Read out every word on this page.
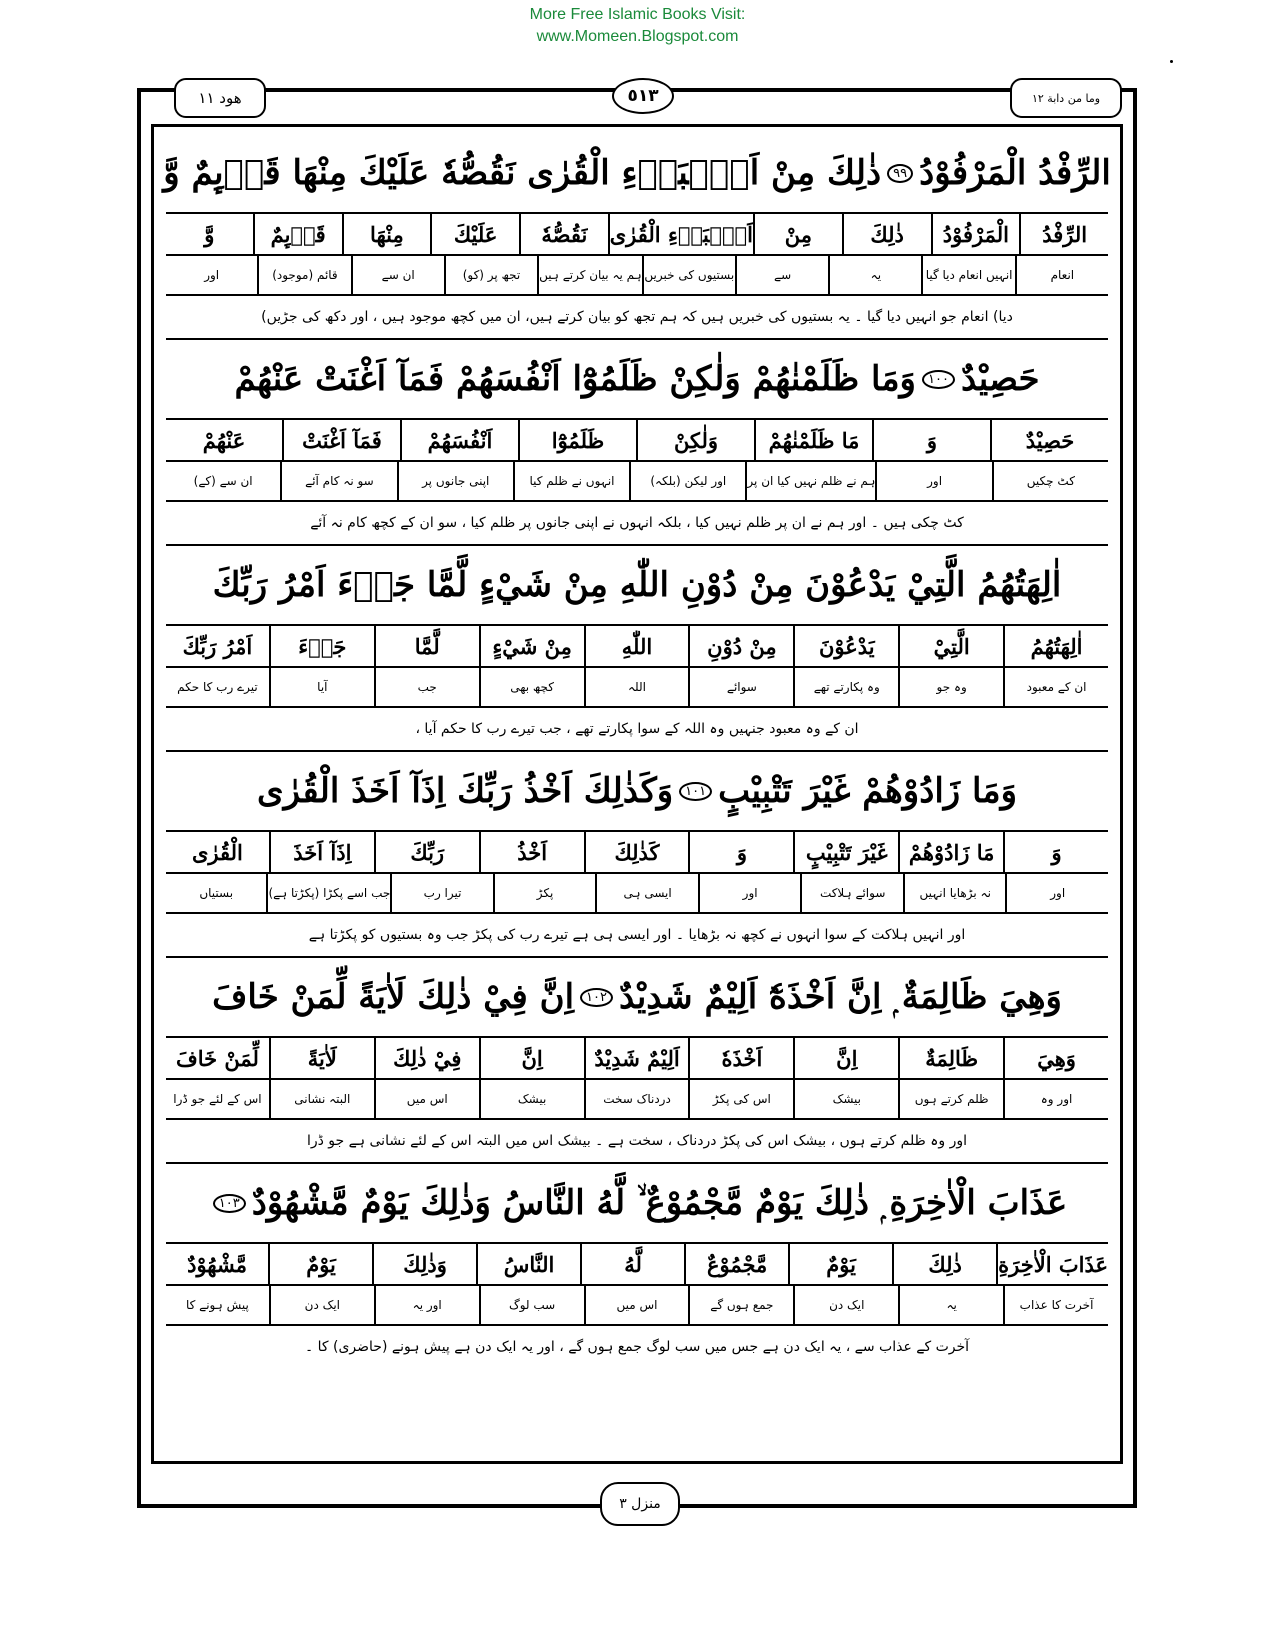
More Free Islamic Books Visit:
www.Momeen.Blogspot.com
هود ١١	٥١٣	وما من دابة ١٢
منزل ٣
الرِّفْدُ الْمَرْفُوْدُ
٩٩
ذٰلِكَ مِنْ اَنْۢبَاۗءِ الْقُرٰى نَقُصُّهٗ عَلَيْكَ مِنْهَا قَاۗىِٕمٌ وَّ
الرِّفْدُ
الْمَرْفُوْدُ
ذٰلِكَ
مِنْ
اَنْۢبَاۗءِ الْقُرٰى
نَقُصُّهٗ
عَلَيْكَ
مِنْهَا
قَاۗىِٕمٌ
وَّ
انعام
انہیں انعام دیا گیا
یہ
سے
بستیوں کی خبریں
ہم یہ بیان کرتے ہیں
تجھ پر (کو)
ان سے
قائم (موجود)
اور
دیا) انعام جو انہیں دیا گیا ۔ یہ بستیوں کی خبریں ہیں کہ ہم تجھ کو بیان کرتے ہیں، ان میں کچھ موجود ہیں ، اور دکھ کی جڑیں)
حَصِيْدٌ
١٠٠
وَمَا ظَلَمْنٰهُمْ وَلٰكِنْ ظَلَمُوْٓا اَنْفُسَهُمْ فَمَآ اَغْنَتْ عَنْهُمْ
حَصِيْدٌ
وَ
مَا ظَلَمْنٰهُمْ
وَلٰكِنْ
ظَلَمُوْٓا
اَنْفُسَهُمْ
فَمَآ اَغْنَتْ
عَنْهُمْ
کٹ چکیں
اور
ہم نے ظلم نہیں کیا ان پر
اور لیکن (بلکہ)
انہوں نے ظلم کیا
اپنی جانوں پر
سو نہ کام آئے
ان سے (کے)
کٹ چکی ہیں ۔ اور ہم نے ان پر ظلم نہیں کیا ، بلکہ انہوں نے اپنی جانوں پر ظلم کیا ، سو ان کے کچھ کام نہ آئے
اٰلِهَتُهُمُ الَّتِيْ يَدْعُوْنَ مِنْ دُوْنِ اللّٰهِ مِنْ شَيْءٍ لَّمَّا جَاۗءَ اَمْرُ رَبِّكَ
اٰلِهَتُهُمُ
الَّتِيْ
يَدْعُوْنَ
مِنْ دُوْنِ
اللّٰهِ
مِنْ شَيْءٍ
لَّمَّا
جَاۗءَ
اَمْرُ رَبِّكَ
ان کے معبود
وہ جو
وہ پکارتے تھے
سوائے
اللہ
کچھ بھی
جب
آیا
تیرے رب کا حکم
ان کے وہ معبود جنہیں وہ اللہ کے سوا پکارتے تھے ، جب تیرے رب کا حکم آیا ،
وَمَا زَادُوْهُمْ غَيْرَ تَتْبِيْبٍ
١٠١
وَكَذٰلِكَ اَخْذُ رَبِّكَ اِذَآ اَخَذَ الْقُرٰى
وَ
مَا زَادُوْهُمْ
غَيْرَ تَتْبِيْبٍ
وَ
كَذٰلِكَ
اَخْذُ
رَبِّكَ
اِذَآ اَخَذَ
الْقُرٰى
اور
نہ بڑھایا انہیں
سوائے ہلاکت
اور
ایسی ہی
پکڑ
تیرا رب
جب اسے پکڑا (پکڑتا ہے)
بستیاں
اور انہیں ہلاکت کے سوا انہوں نے کچھ نہ بڑھایا ۔ اور ایسی ہی ہے تیرے رب کی پکڑ جب وہ بستیوں کو پکڑتا ہے
وَهِيَ ظَالِمَةٌ ۭ اِنَّ اَخْذَهٗٓ اَلِيْمٌ شَدِيْدٌ
١٠٢
اِنَّ فِيْ ذٰلِكَ لَاٰيَةً لِّمَنْ خَافَ
وَهِيَ
ظَالِمَةٌ
اِنَّ
اَخْذَهٗ
اَلِيْمٌ شَدِيْدٌ
اِنَّ
فِيْ ذٰلِكَ
لَاٰيَةً
لِّمَنْ خَافَ
اور وہ
ظلم کرتے ہوں
بیشک
اس کی پکڑ
دردناک سخت
بیشک
اس میں
البتہ نشانی
اس کے لئے جو ڈرا
اور وہ ظلم کرتے ہوں ، بیشک اس کی پکڑ دردناک ، سخت ہے ۔ بیشک اس میں البتہ اس کے لئے نشانی ہے جو ڈرا
عَذَابَ الْاٰخِرَةِ ۭ ذٰلِكَ يَوْمٌ مَّجْمُوْعٌ ۙ لَّهُ النَّاسُ وَذٰلِكَ يَوْمٌ مَّشْهُوْدٌ
١٠٣
عَذَابَ الْاٰخِرَةِ
ذٰلِكَ
يَوْمٌ
مَّجْمُوْعٌ
لَّهُ
النَّاسُ
وَذٰلِكَ
يَوْمٌ
مَّشْهُوْدٌ
آخرت کا عذاب
یہ
ایک دن
جمع ہوں گے
اس میں
سب لوگ
اور یہ
ایک دن
پیش ہونے کا
آخرت کے عذاب سے ، یہ ایک دن ہے جس میں سب لوگ جمع ہوں گے ، اور یہ ایک دن ہے پیش ہونے (حاضری) کا ۔
